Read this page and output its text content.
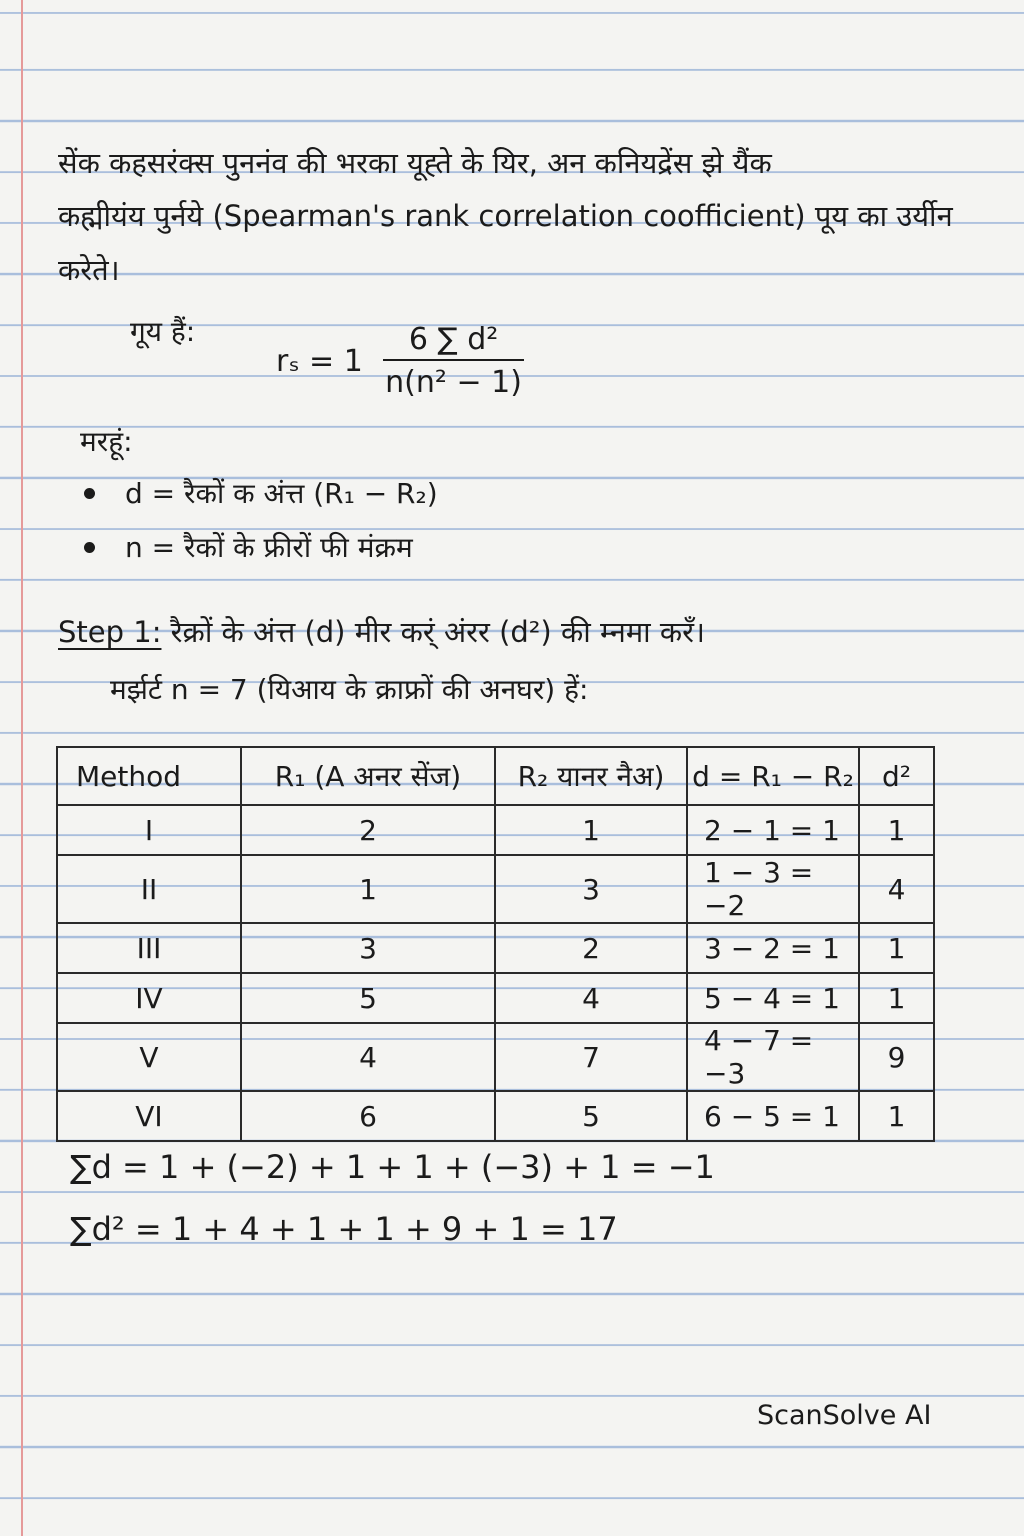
सेंक कहसरंक्स पुननंव की भरका यूह्ते के यिर, अन कनियद्रेंस झे यैंक
कह्मीयंय पुर्नये (Spearman's rank correlation coofficient) पूय का उर्यीन
करेते।
गूय हैं:
$r_s = 1 \frac{\text{6 ∑ d²}}{\text{n(n² − 1)}}$
मरहूं:
d = रैकों क अंत्त (R₁ − R₂)
n = रैकों के फ्रीरों फी मंक्रम
Step 1: रैक्रों के अंत्त (d) मीर कर्ं अंरर (d²) की म्नमा करँ।
मर्झर्ट n = 7 (यिआय के क्राफ्रों की अनघर) हें:
Method	R₁ (A अनर सेंज)	R₂ यानर नैअ)	d = R₁ − R₂	d²
I	2	1	2 − 1 = 1	1
II	1	3	1 − 3 = −2	4
III	3	2	3 − 2 = 1	1
IV	5	4	5 − 4 = 1	1
V	4	7	4 − 7 = −3	9
VI	6	5	6 − 5 = 1	1
∑d = 1 + (−2) + 1 + 1 + (−3) + 1 = −1
∑d² = 1 + 4 + 1 + 1 + 9 + 1 = 17
ScanSolve AI
